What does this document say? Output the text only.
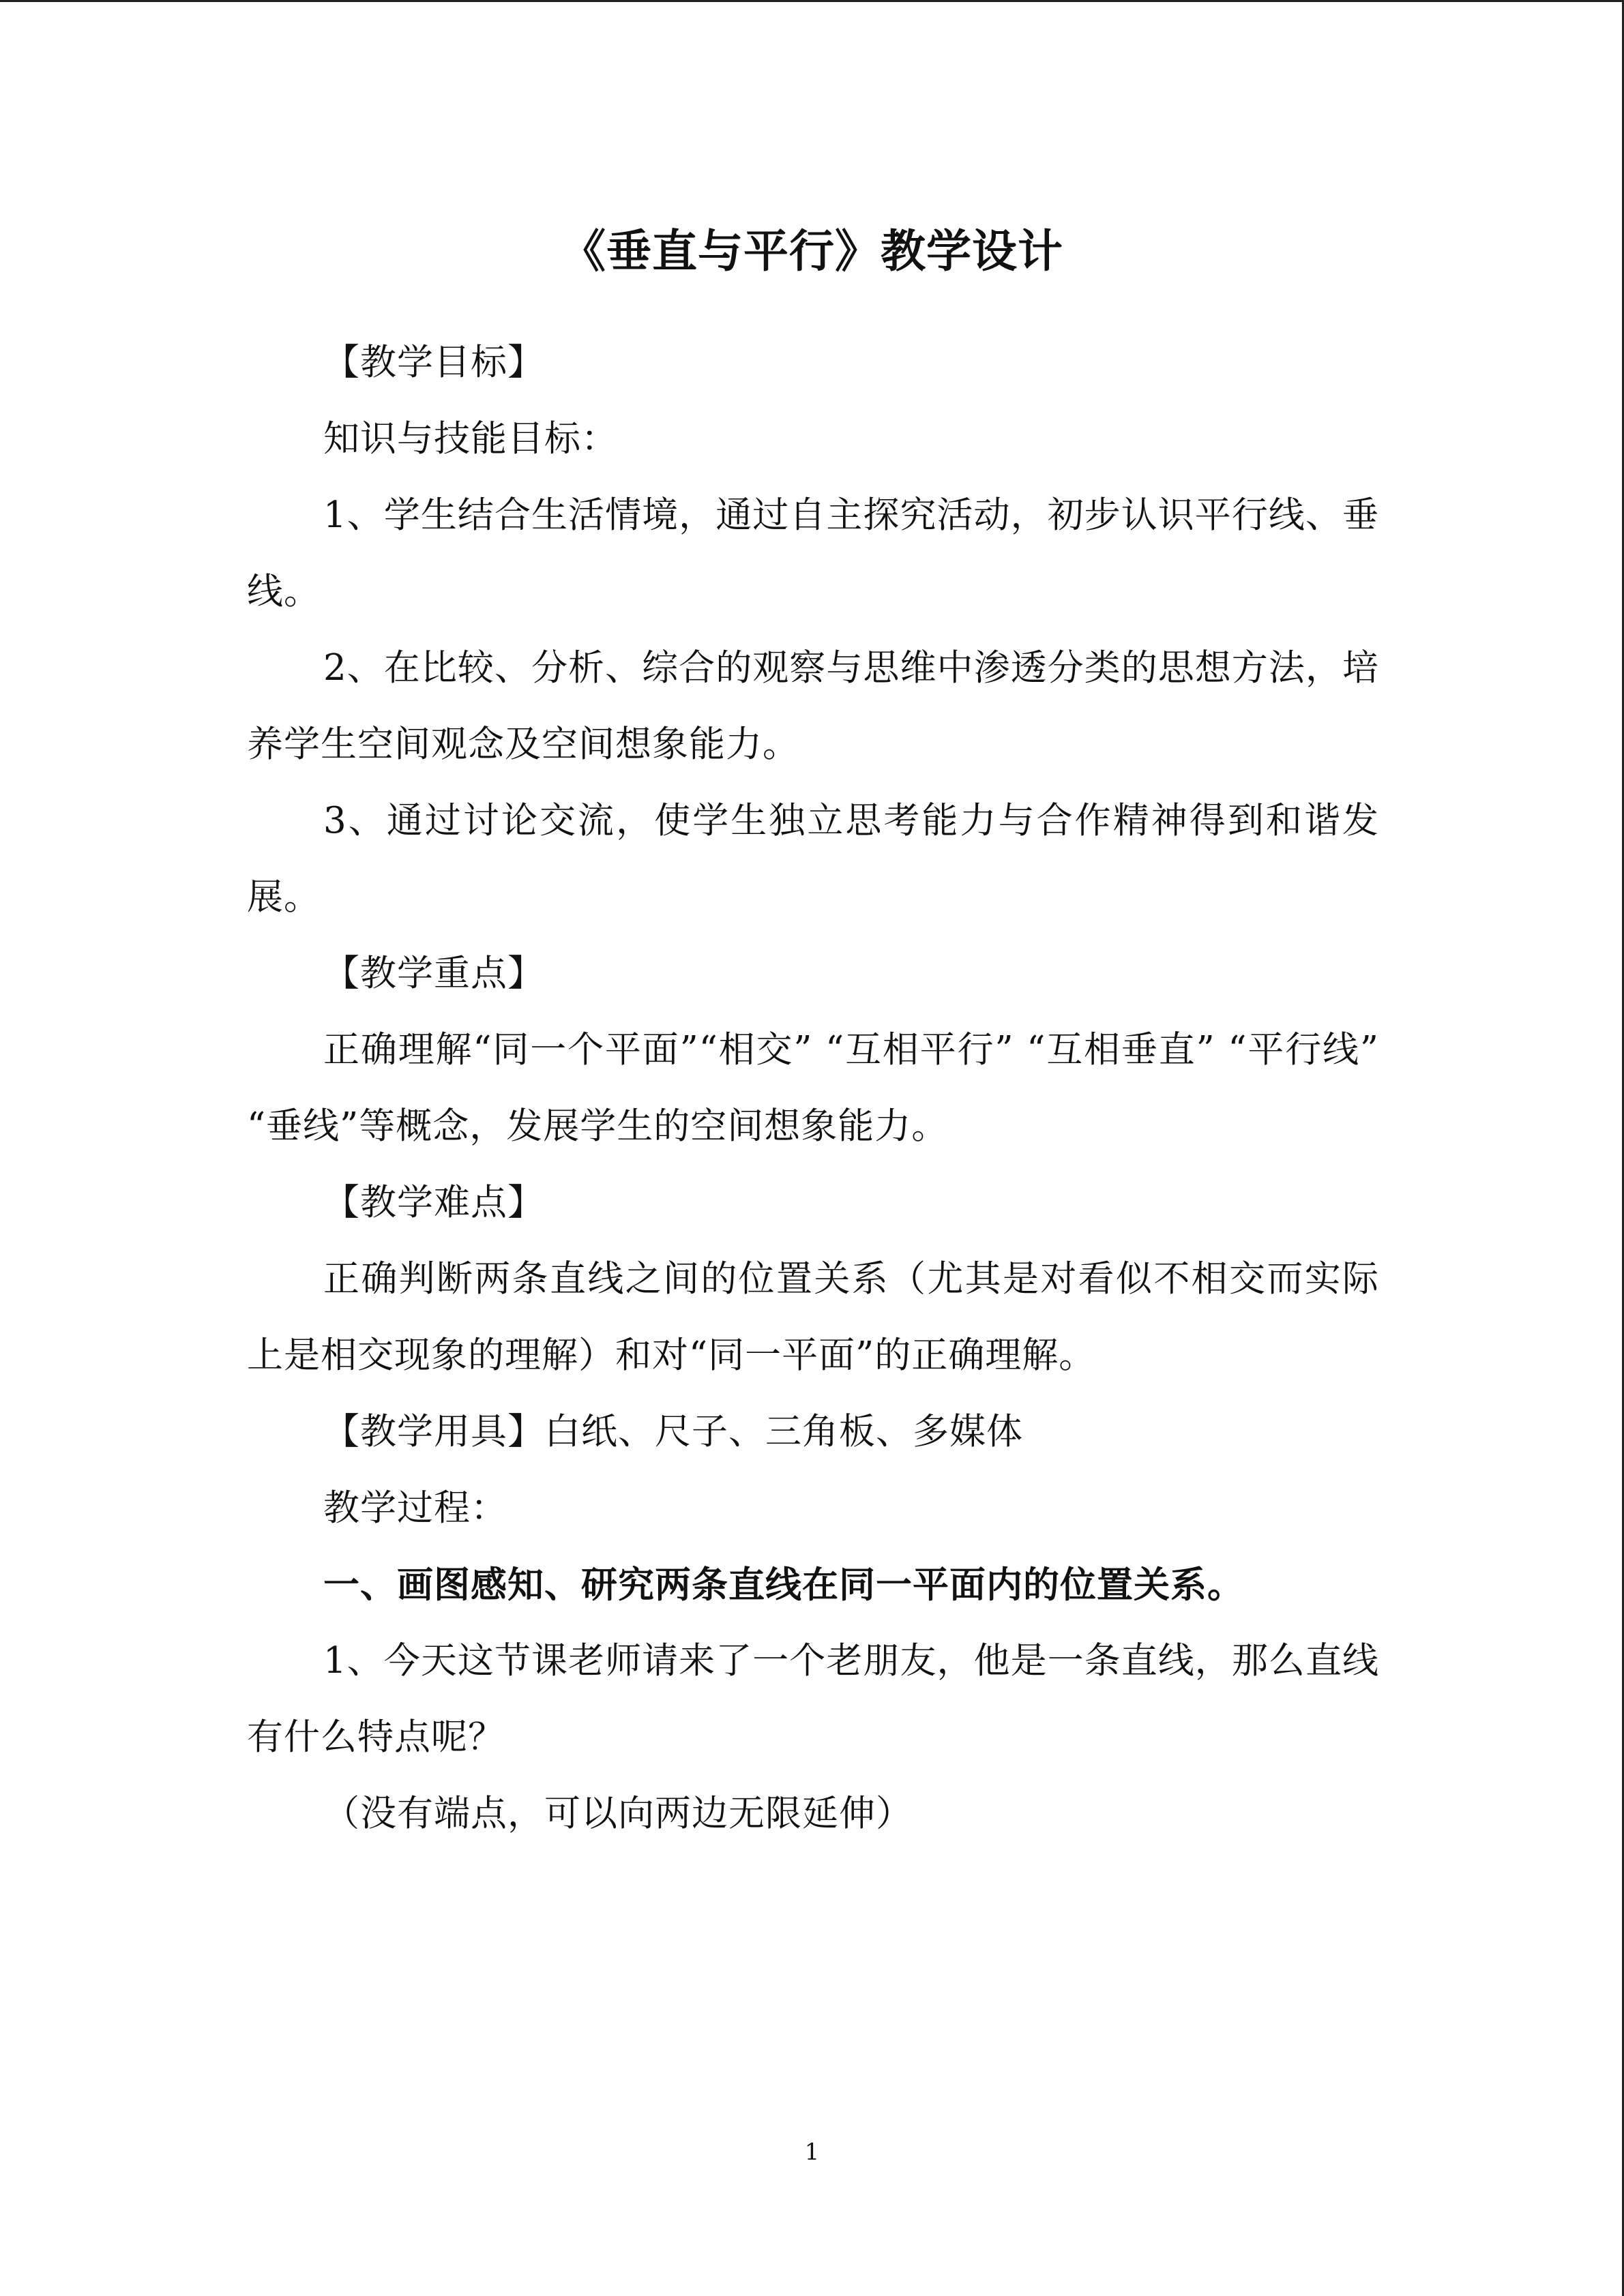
《垂直与平行》教学设计

【教学目标】

知识与技能目标：

1、学生结合生活情境，通过自主探究活动，初步认识平行线、垂线。

2、在比较、分析、综合的观察与思维中渗透分类的思想方法，培养学生空间观念及空间想象能力。

3、通过讨论交流，使学生独立思考能力与合作精神得到和谐发展。

【教学重点】

正确理解“同一个平面”“相交” “互相平行” “互相垂直” “平行线” “垂线”等概念，发展学生的空间想象能力。

【教学难点】

正确判断两条直线之间的位置关系（尤其是对看似不相交而实际上是相交现象的理解）和对“同一平面”的正确理解。

【教学用具】白纸、尺子、三角板、多媒体

教学过程：

一、画图感知、研究两条直线在同一平面内的位置关系。

1、今天这节课老师请来了一个老朋友，他是一条直线，那么直线有什么特点呢？

（没有端点，可以向两边无限延伸）

1
